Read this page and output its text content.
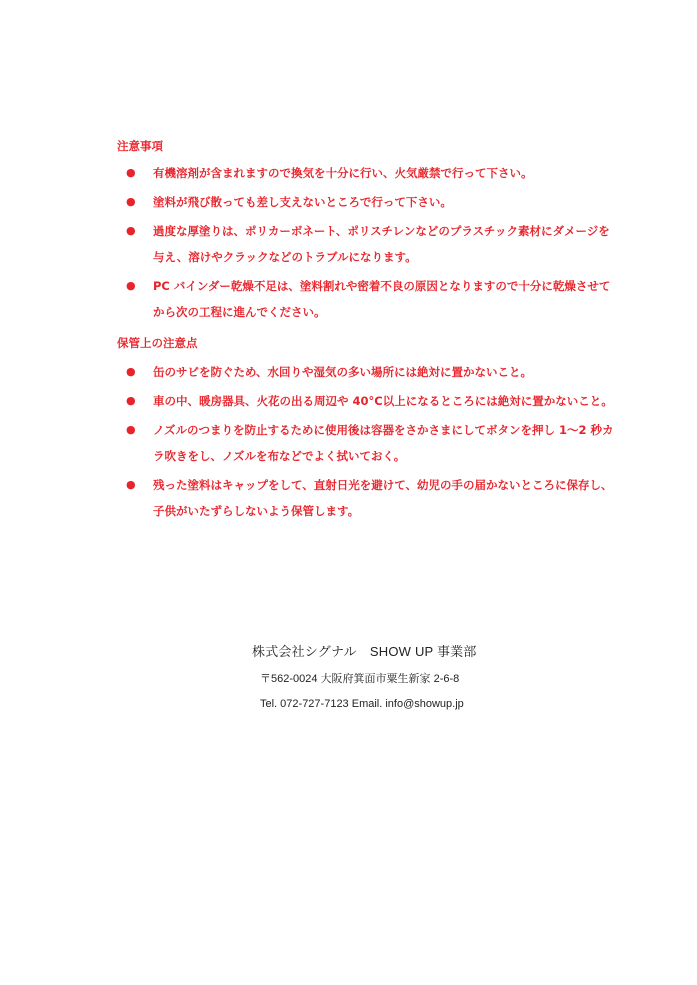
注意事項
● 有機溶剤が含まれますので換気を十分に行い、火気厳禁で行って下さい。
● 塗料が飛び散っても差し支えないところで行って下さい。
● 過度な厚塗りは、ポリカーボネート、ポリスチレンなどのプラスチック素材にダメージを与え、溶けやクラックなどのトラブルになります。
● PC バインダー乾燥不足は、塗料割れや密着不良の原因となりますので十分に乾燥させてから次の工程に進んでください。
保管上の注意点
● 缶のサビを防ぐため、水回りや湿気の多い場所には絶対に置かないこと。
● 車の中、暖房器具、火花の出る周辺や 40°C以上になるところには絶対に置かないこと。
● ノズルのつまりを防止するために使用後は容器をさかさまにしてボタンを押し 1〜2 秒カラ吹きをし、ノズルを布などでよく拭いておく。
● 残った塗料はキャップをして、直射日光を避けて、幼児の手の届かないところに保存し、子供がいたずらしないよう保管します。

株式会社シグナル　SHOW UP 事業部

〒562-0024 大阪府箕面市粟生新家 2-6-8

Tel. 072-727-7123 Email. info@showup.jp
